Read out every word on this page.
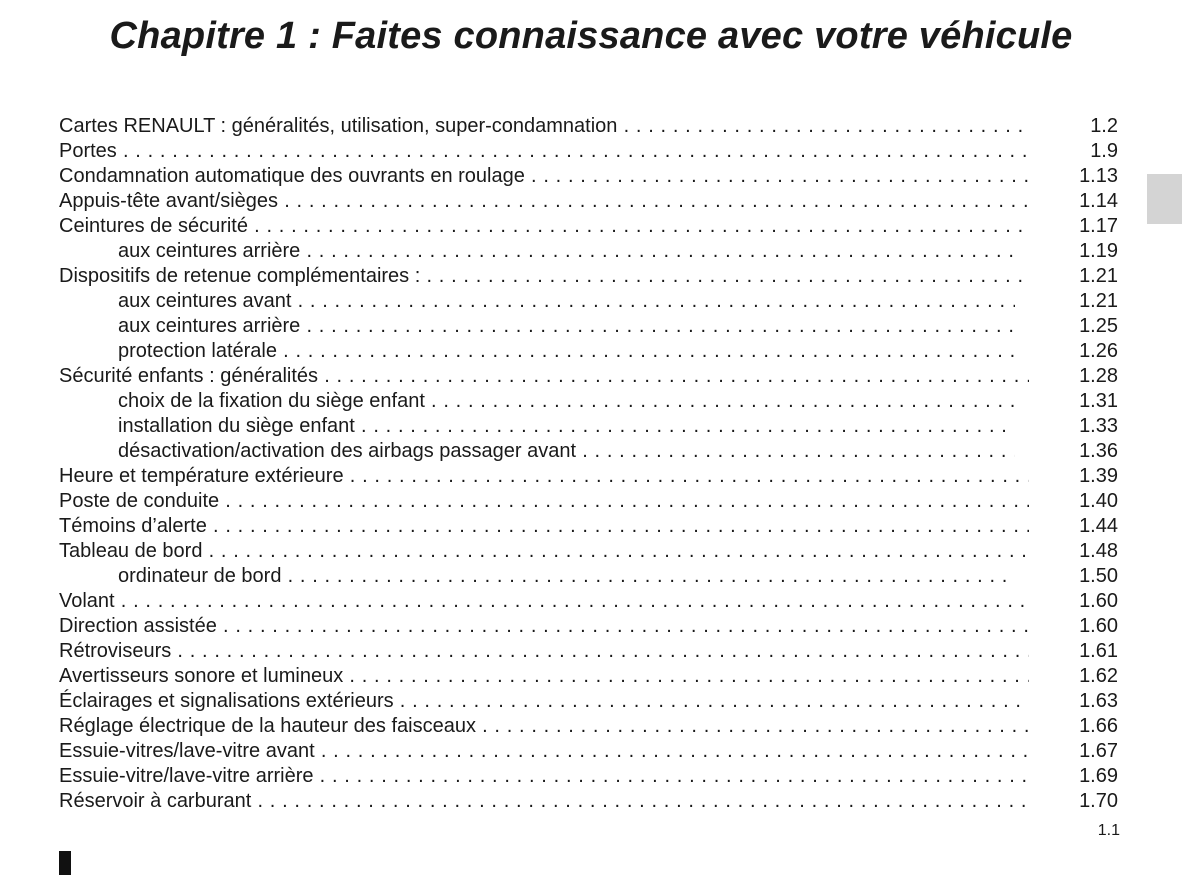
Chapitre 1 : Faites connaissance avec votre véhicule
Cartes RENAULT : généralités, utilisation, super-condamnation . . .	1.2
Portes . . .	1.9
Condamnation automatique des ouvrants en roulage . . .	1.13
Appuis-tête avant/sièges . . .	1.14
Ceintures de sécurité . . .	1.17
aux ceintures arrière . . .	1.19
Dispositifs de retenue complémentaires : . . .	1.21
aux ceintures avant . . .	1.21
aux ceintures arrière . . .	1.25
protection latérale . . .	1.26
Sécurité enfants : généralités . . .	1.28
choix de la fixation du siège enfant . . .	1.31
installation du siège enfant . . .	1.33
désactivation/activation des airbags passager avant . . .	1.36
Heure et température extérieure . . .	1.39
Poste de conduite . . .	1.40
Témoins d’alerte . . .	1.44
Tableau de bord . . .	1.48
ordinateur de bord . . .	1.50
Volant . . .	1.60
Direction assistée . . .	1.60
Rétroviseurs . . .	1.61
Avertisseurs sonore et lumineux . . .	1.62
Éclairages et signalisations extérieurs . . .	1.63
Réglage électrique de la hauteur des faisceaux . . .	1.66
Essuie-vitres/lave-vitre avant . . .	1.67
Essuie-vitre/lave-vitre arrière . . .	1.69
Réservoir à carburant . . .	1.70
1.1
